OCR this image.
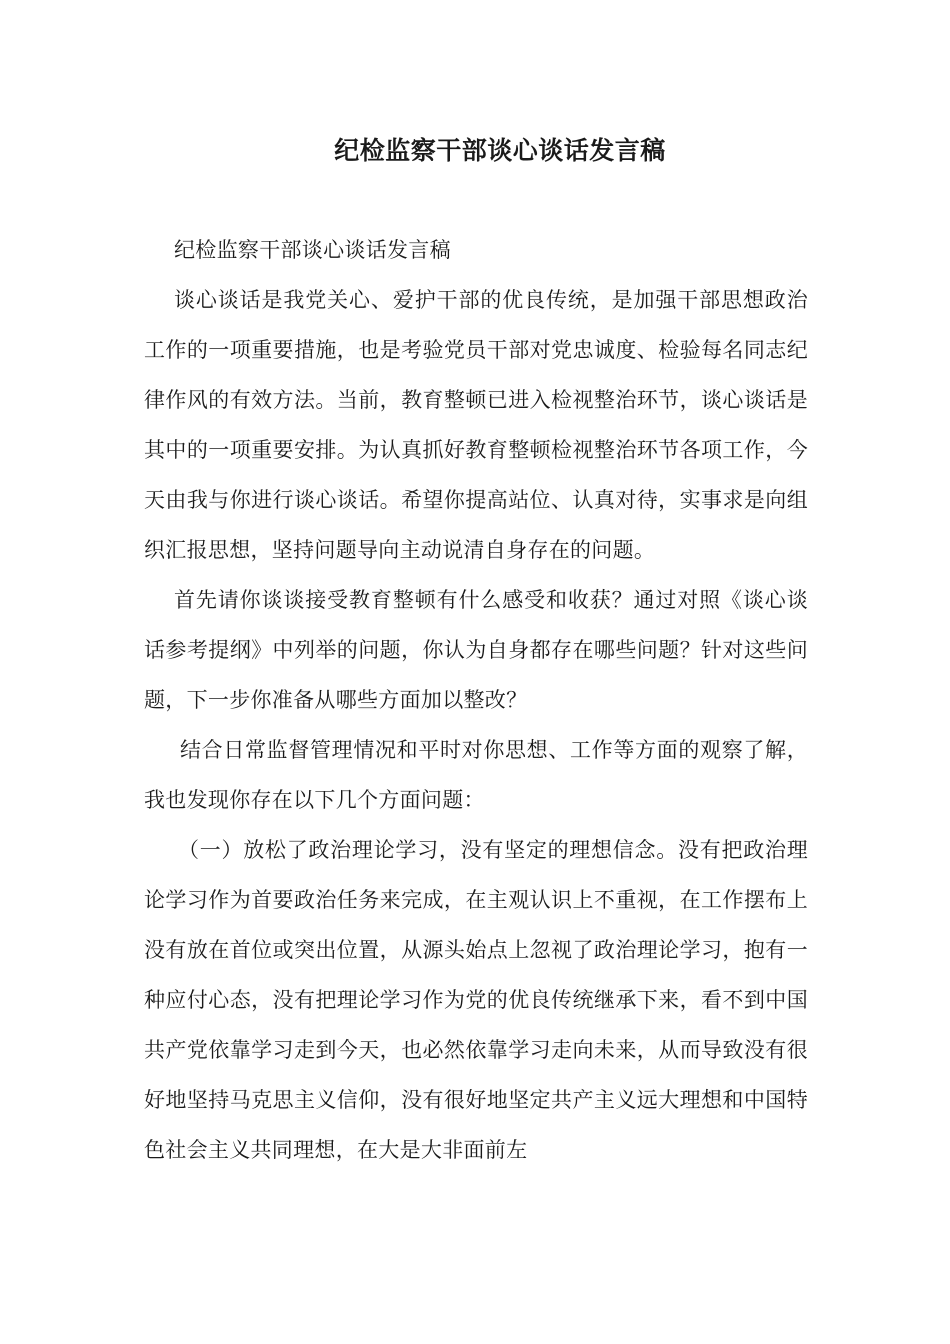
纪检监察干部谈心谈话发言稿

纪检监察干部谈心谈话发言稿

谈心谈话是我党关心、爱护干部的优良传统，是加强干部思想政治工作的一项重要措施，也是考验党员干部对党忠诚度、检验每名同志纪律作风的有效方法。当前，教育整顿已进入检视整治环节，谈心谈话是其中的一项重要安排。为认真抓好教育整顿检视整治环节各项工作，今天由我与你进行谈心谈话。希望你提高站位、认真对待，实事求是向组织汇报思想，坚持问题导向主动说清自身存在的问题。

首先请你谈谈接受教育整顿有什么感受和收获？通过对照《谈心谈话参考提纲》中列举的问题，你认为自身都存在哪些问题？针对这些问题，下一步你准备从哪些方面加以整改？

结合日常监督管理情况和平时对你思想、工作等方面的观察了解，我也发现你存在以下几个方面问题：

（一）放松了政治理论学习，没有坚定的理想信念。没有把政治理论学习作为首要政治任务来完成，在主观认识上不重视，在工作摆布上没有放在首位或突出位置，从源头始点上忽视了政治理论学习，抱有一种应付心态，没有把理论学习作为党的优良传统继承下来，看不到中国共产党依靠学习走到今天，也必然依靠学习走向未来，从而导致没有很好地坚持马克思主义信仰，没有很好地坚定共产主义远大理想和中国特色社会主义共同理想，在大是大非面前左
